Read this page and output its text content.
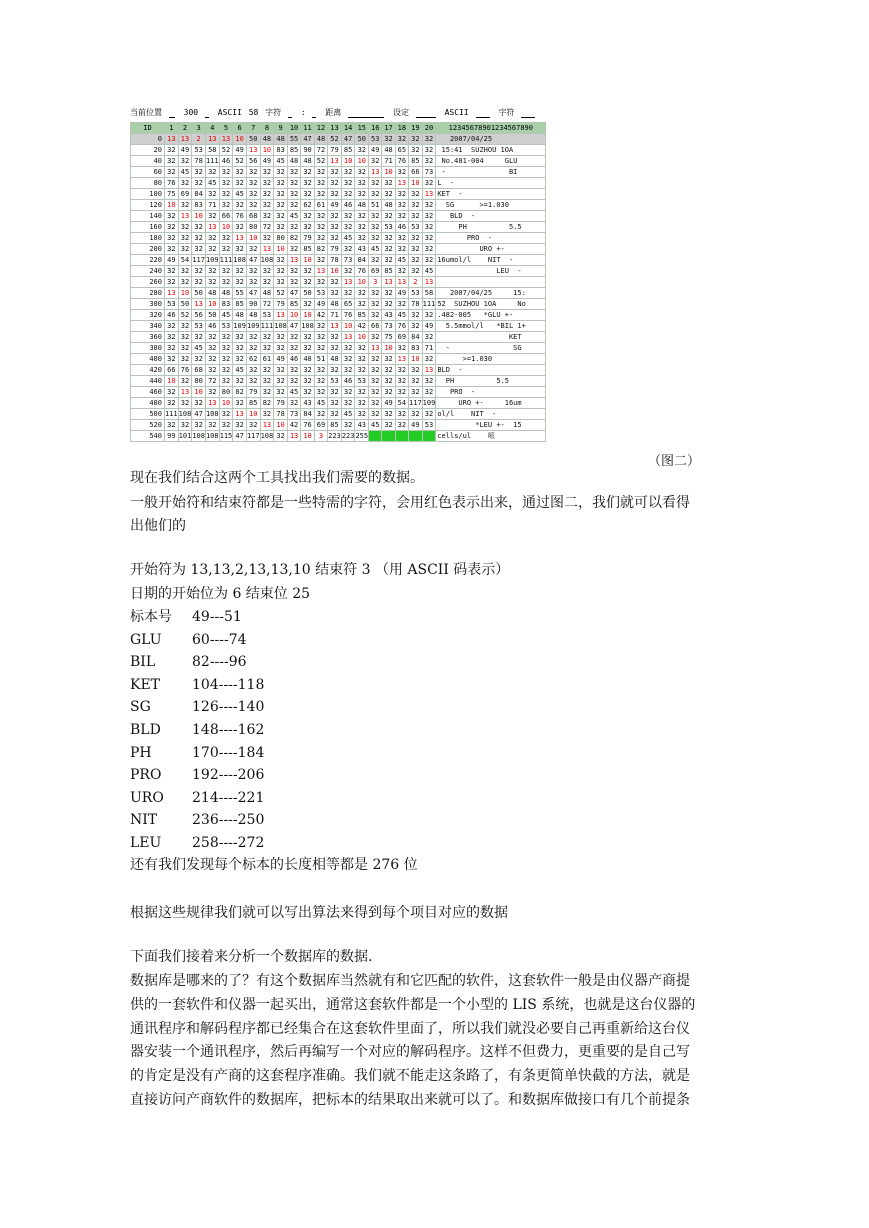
当前位置	300 ASCII 58 字符 : 距离	设定	ASCII	字符
ID	1	2	3	4	5	6	7	8	9	10	11	12	13	14	15	16	17	18	19	20	12345678901234567890
0	13	13	2	13	13	10	50	48	48	55	47	48	52	47	50	53	32	32	32	32	2007/04/25
20	32	49	53	58	52	49	13	10	83	85	90	72	79	85	32	49	48	65	32	32	15:41  SUZHOU 1OA
40	32	32	78	111	46	52	56	49	45	48	48	52	13	10	10	32	71	76	85	32	No.481-004     GLU
60	32	45	32	32	32	32	32	32	32	32	32	32	32	32	32	13	10	32	66	73	-               BI
80	76	32	32	45	32	32	32	32	32	32	32	32	32	32	32	32	32	13	10	32	L  -
100	75	69	84	32	32	45	32	32	32	32	32	32	32	32	32	32	32	32	32	13	KET  -
120	10	32	83	71	32	32	32	32	32	32	62	61	49	46	48	51	48	32	32	32	SG      >=1.030
140	32	13	10	32	66	76	68	32	32	45	32	32	32	32	32	32	32	32	32	32	BLD  -
160	32	32	32	13	10	32	80	72	32	32	32	32	32	32	32	32	53	46	53	32	PH          5.5
180	32	32	32	32	32	13	10	32	80	82	79	32	32	45	32	32	32	32	32	32	PRO  -
200	32	32	32	32	32	32	32	13	10	32	85	82	79	32	43	45	32	32	32	32	URO +-
220	49	54	117	109	111	108	47	108	32	13	10	32	78	73	84	32	32	45	32	32	16umol/l    NIT  -
240	32	32	32	32	32	32	32	32	32	32	32	13	10	32	76	69	85	32	32	45	LEU  -
260	32	32	32	32	32	32	32	32	32	32	32	32	32	13	10	3	13	13	2	13	
280	13	10	50	48	48	55	47	48	52	47	50	53	32	32	32	32	32	49	53	58	2007/04/25     15:
300	53	50	13	10	83	85	90	72	79	85	32	49	48	65	32	32	32	32	78	111	52  SUZHOU 1OA     No
320	46	52	56	50	45	48	48	53	13	10	10	42	71	76	85	32	43	45	32	32	.482-005   *GLU +-
340	32	32	53	46	53	109	109	111	108	47	108	32	13	10	42	66	73	76	32	49	5.5mmol/l   *BIL 1+
360	32	32	32	32	32	32	32	32	32	32	32	32	32	13	10	32	75	69	84	32	KET
380	32	32	45	32	32	32	32	32	32	32	32	32	32	32	32	13	10	32	83	71	-               SG
400	32	32	32	32	32	32	62	61	49	46	48	51	48	32	32	32	32	13	10	32	>=1.030
420	66	76	68	32	32	45	32	32	32	32	32	32	32	32	32	32	32	32	32	13	BLD  -
440	10	32	80	72	32	32	32	32	32	32	32	32	53	46	53	32	32	32	32	32	PH          5.5
460	32	13	10	32	80	82	79	32	32	45	32	32	32	32	32	32	32	32	32	32	PRO  -
480	32	32	32	13	10	32	85	82	79	32	43	45	32	32	32	32	49	54	117	109	URO +-     16um
500	111	108	47	108	32	13	10	32	78	73	84	32	32	45	32	32	32	32	32	32	ol/l    NIT  -
520	32	32	32	32	32	32	32	13	10	42	76	69	85	32	43	45	32	32	49	53	*LEU +-  15
540	99	101	108	108	115	47	117	108	32	13	10	3	223	223	255						cells/ul    哌
（图二）
现在我们结合这两个工具找出我们需要的数据。
一般开始符和结束符都是一些特需的字符，会用红色表示出来，通过图二，我们就可以看得
出他们的
开始符为 13,13,2,13,13,10 结束符 3 （用 ASCII 码表示）
日期的开始位为 6 结束位 25
标本号 49---51
GLU 60----74
BIL	82----96
KET 104----118
SG	126----140
BLD 148----162
PH	170----184
PRO 192----206
URO 214----221
NIT 236----250
LEU 258----272
还有我们发现每个标本的长度相等都是 276 位
根据这些规律我们就可以写出算法来得到每个项目对应的数据
下面我们接着来分析一个数据库的数据.
数据库是哪来的了？有这个数据库当然就有和它匹配的软件，这套软件一般是由仪器产商提
供的一套软件和仪器一起买出，通常这套软件都是一个小型的 LIS 系统，也就是这台仪器的
通讯程序和解码程序都已经集合在这套软件里面了，所以我们就没必要自己再重新给这台仪
器安装一个通讯程序，然后再编写一个对应的解码程序。这样不但费力，更重要的是自己写
的肯定是没有产商的这套程序准确。我们就不能走这条路了，有条更简单快截的方法，就是
直接访问产商软件的数据库，把标本的结果取出来就可以了。和数据库做接口有几个前提条
